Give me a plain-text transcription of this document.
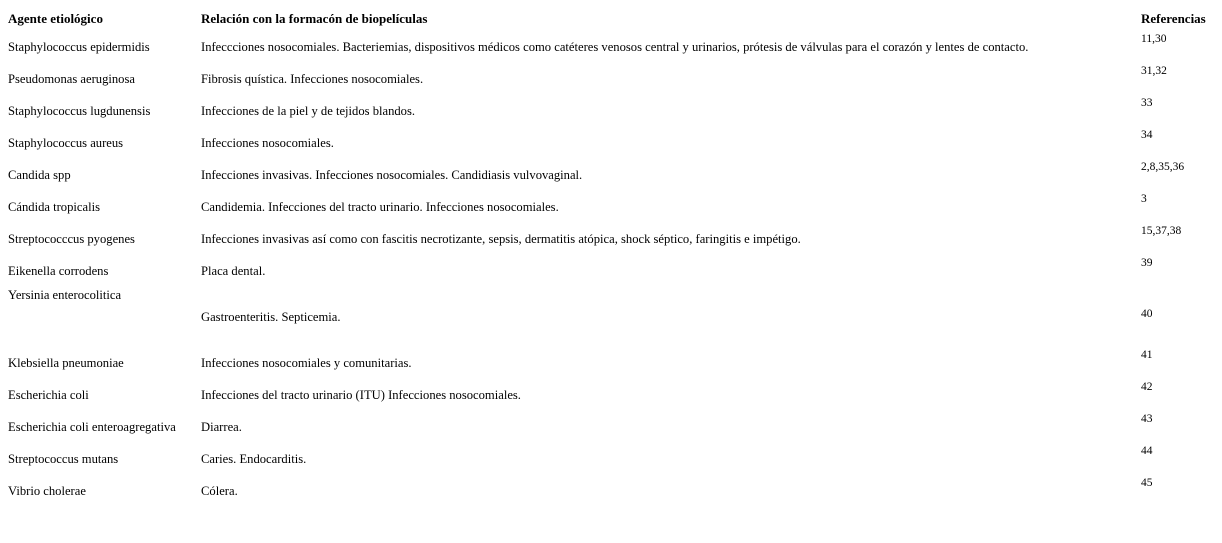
Agente etiológico	Relación con la formacón de biopelículas	Referencias
Staphylococcus epidermidis	Infeccciones nosocomiales. Bacteriemias, dispositivos médicos como catéteres venosos central y urinarios, prótesis de válvulas para el corazón y lentes de contacto.	11,30
Pseudomonas aeruginosa	Fibrosis quística. Infecciones nosocomiales.	31,32
Staphylococcus lugdunensis	Infecciones de la piel y de tejidos blandos.	33
Staphylococcus aureus	Infecciones nosocomiales.	34
Candida spp	Infecciones invasivas. Infecciones nosocomiales. Candidiasis vulvovaginal.	2,8,35,36
Cándida tropicalis	Candidemia. Infecciones del tracto urinario. Infecciones nosocomiales.	3
Streptococccus pyogenes	Infecciones invasivas así como con fascitis necrotizante, sepsis, dermatitis atópica, shock séptico, faringitis e impétigo.	15,37,38
Eikenella corrodens	Placa dental.	39
Yersinia enterocolitica	Gastroenteritis. Septicemia.	40
Klebsiella pneumoniae	Infecciones nosocomiales y comunitarias.	41
Escherichia coli	Infecciones del tracto urinario (ITU) Infecciones nosocomiales.	42
Escherichia coli enteroagregativa	Diarrea.	43
Streptococcus mutans	Caries. Endocarditis.	44
Vibrio cholerae	Cólera.	45
